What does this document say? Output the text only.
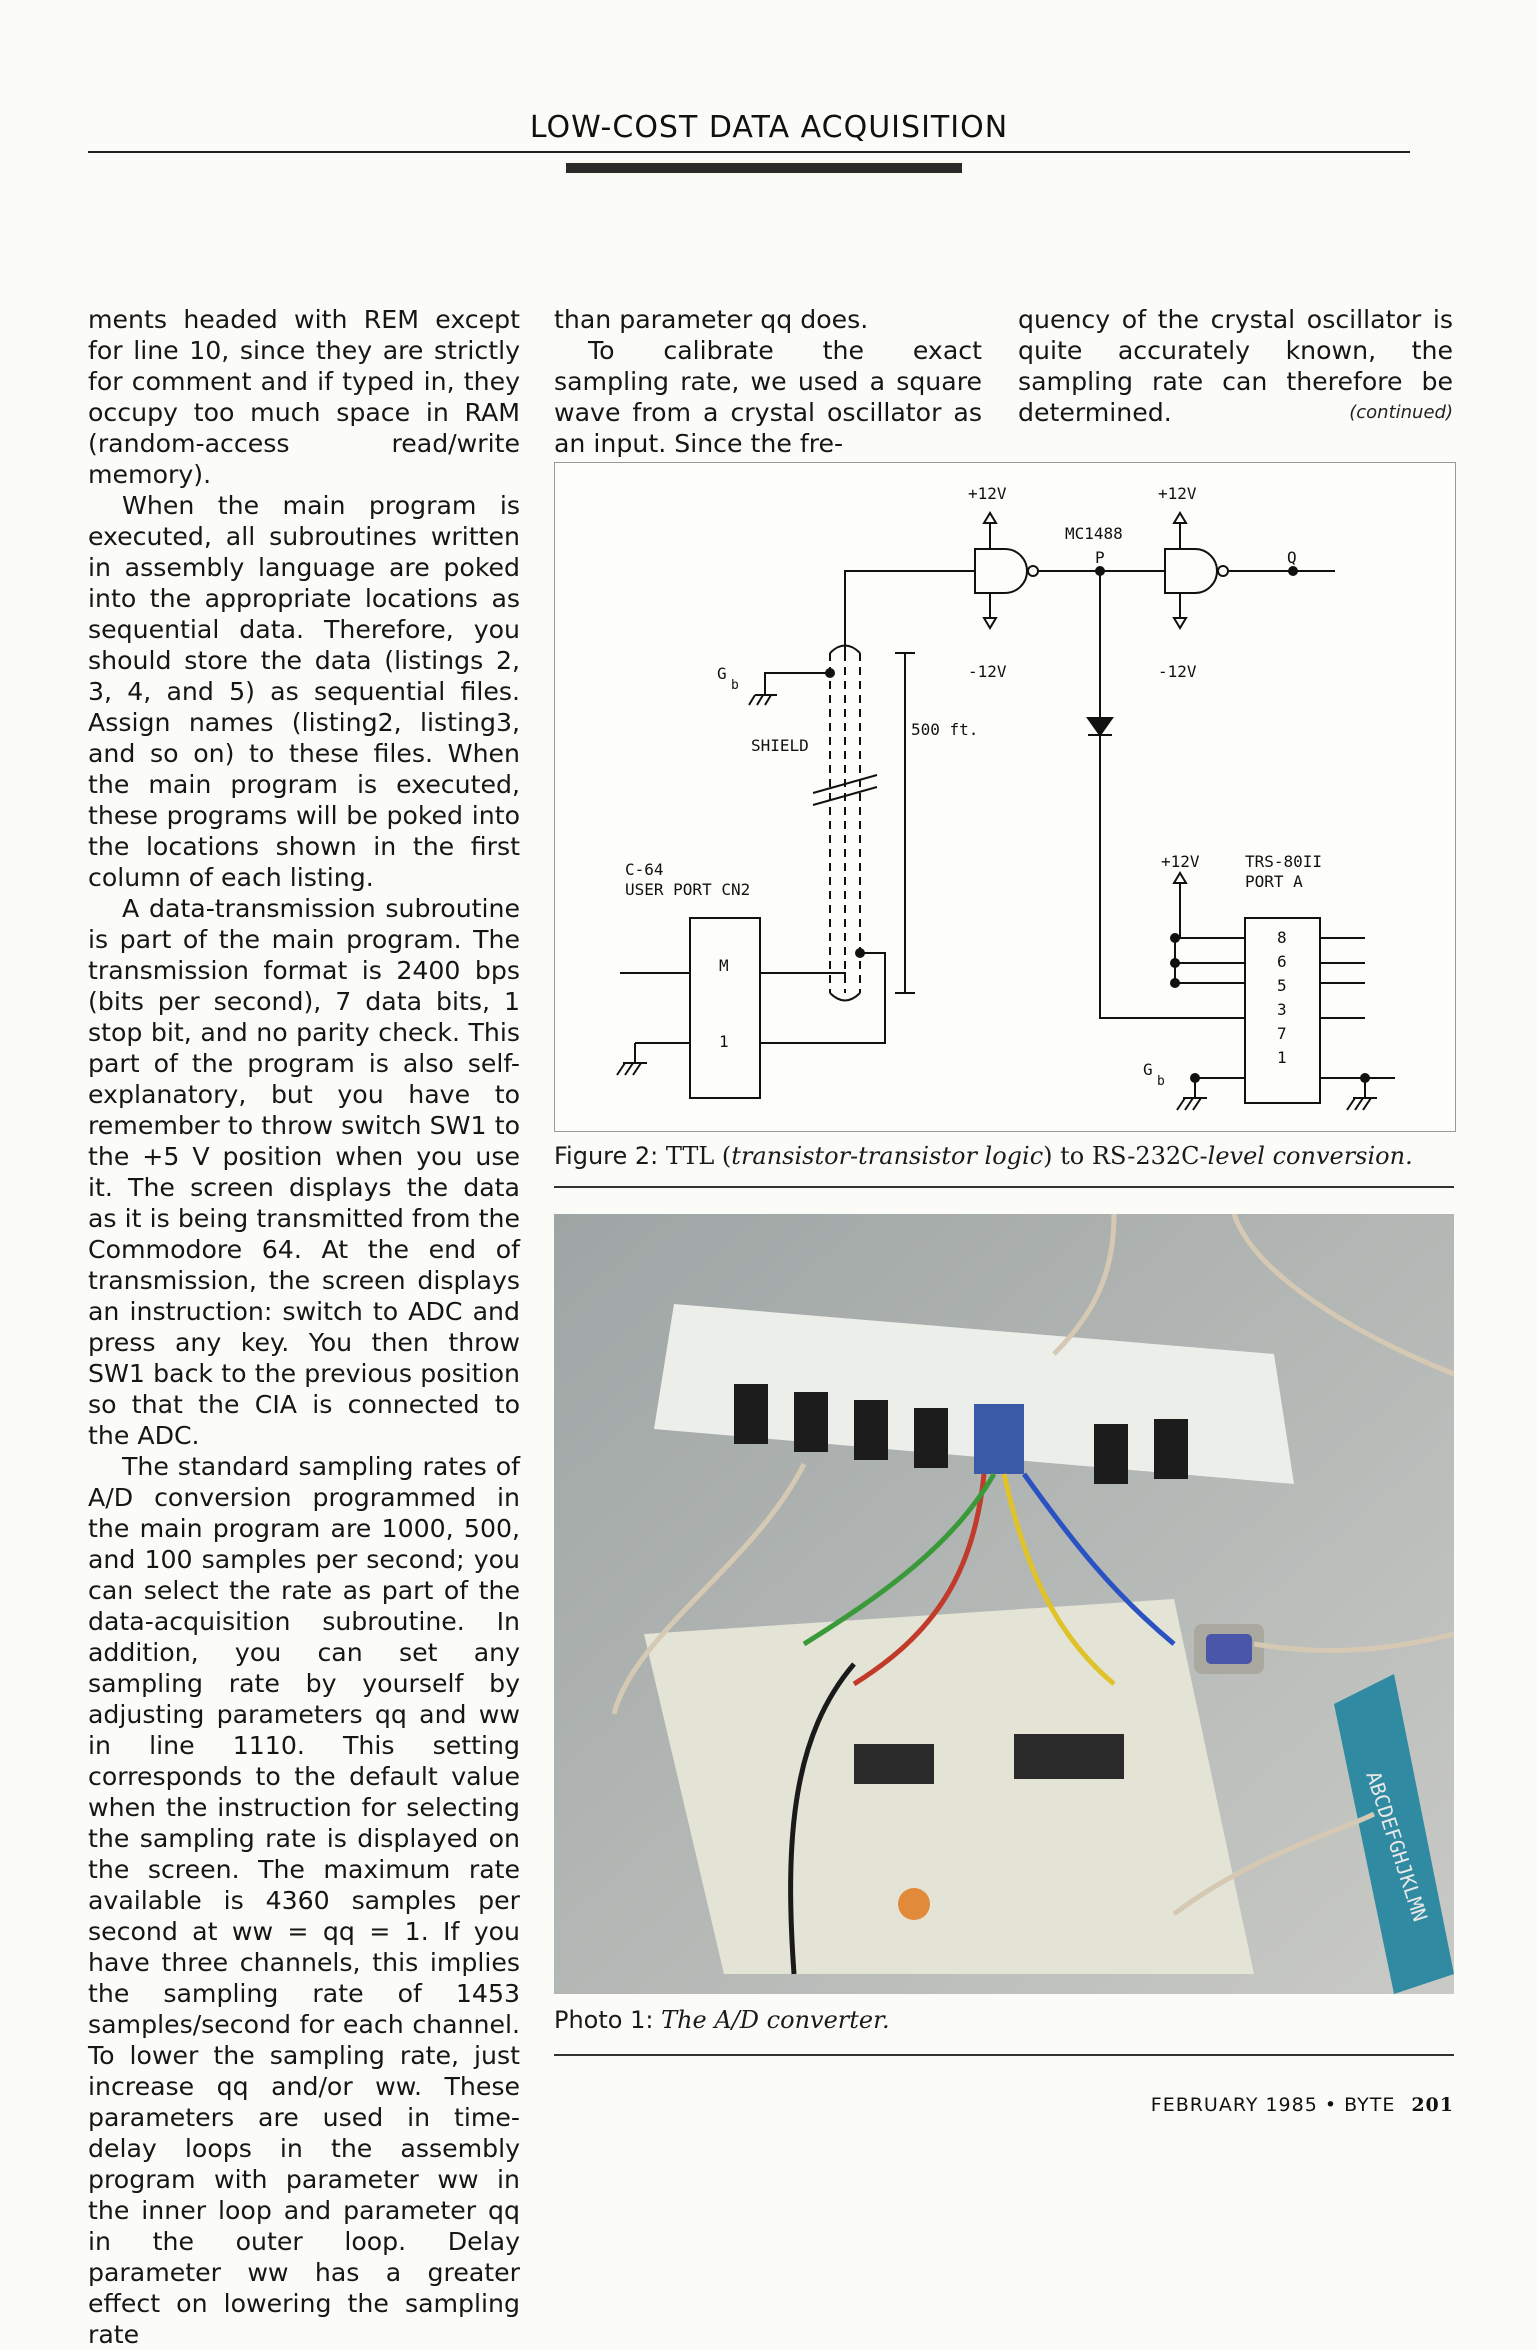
LOW-COST DATA ACQUISITION

ments headed with REM except for line 10, since they are strictly for comment and if typed in, they occupy too much space in RAM (random-access read/write memory).

When the main program is executed, all subroutines written in assembly language are poked into the appropriate locations as sequential data. Therefore, you should store the data (listings 2, 3, 4, and 5) as sequential files. Assign names (listing2, listing3, and so on) to these files. When the main program is executed, these programs will be poked into the locations shown in the first column of each listing.

A data-transmission subroutine is part of the main program. The transmission format is 2400 bps (bits per second), 7 data bits, 1 stop bit, and no parity check. This part of the program is also self-explanatory, but you have to remember to throw switch SW1 to the +5 V position when you use it. The screen displays the data as it is being transmitted from the Commodore 64. At the end of transmission, the screen displays an instruction: switch to ADC and press any key. You then throw SW1 back to the previous position so that the CIA is connected to the ADC.

The standard sampling rates of A/D conversion programmed in the main program are 1000, 500, and 100 samples per second; you can select the rate as part of the data-acquisition subroutine. In addition, you can set any sampling rate by yourself by adjusting parameters qq and ww in line 1110. This setting corresponds to the default value when the instruction for selecting the sampling rate is displayed on the screen. The maximum rate available is 4360 samples per second at ww = qq = 1. If you have three channels, this implies the sampling rate of 1453 samples/second for each channel. To lower the sampling rate, just increase qq and/or ww. These parameters are used in time-delay loops in the assembly program with parameter ww in the inner loop and parameter qq in the outer loop. Delay parameter ww has a greater effect on lowering the sampling rate

than parameter qq does.

To calibrate the exact sampling rate, we used a square wave from a crystal oscillator as an input. Since the fre-

quency of the crystal oscillator is quite accurately known, the sampling rate can therefore be determined.	(continued)
+12V	+12V
-12V	-12V
MC1488
P	Q
G
b
SHIELD
500 ft.
C-64
USER PORT CN2
M
1
+12V	TRS-80II
PORT A
8
6
5
3
7
1
G
b
Figure 2: TTL (transistor-transistor logic) to RS-232C-level conversion.
ABCDEFGHJKLMN
Photo 1: The A/D converter.
FEBRUARY 1985 • BYTE 201
